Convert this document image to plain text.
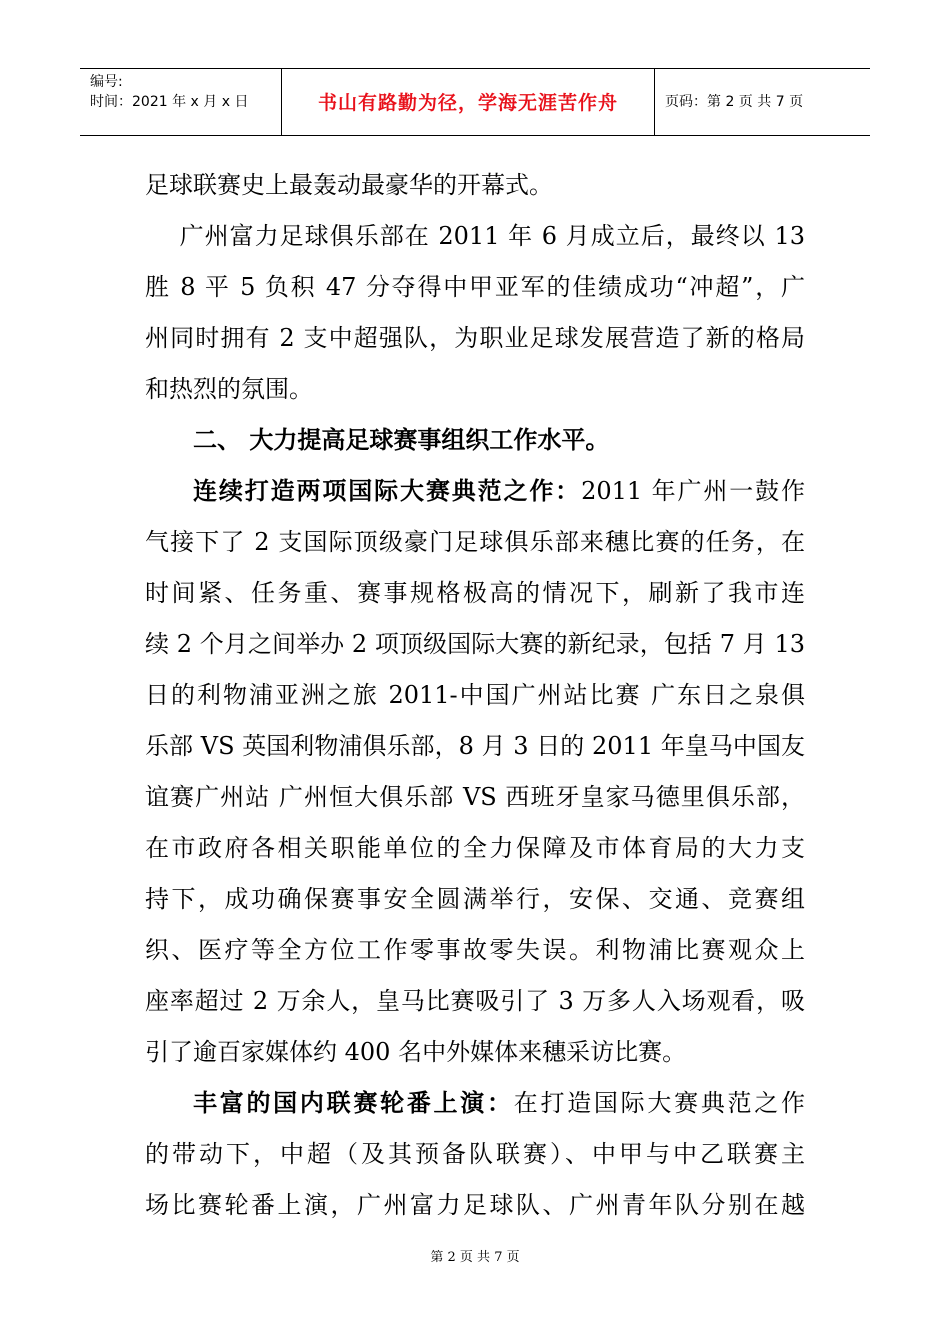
编号:
时间：2021 年 x 月 x 日	书山有路勤为径，学海无涯苦作舟	页码：第 2 页 共 7 页
足球联赛史上最轰动最豪华的开幕式。
广州富力足球俱乐部在 2011 年 6 月成立后，最终以 13
胜 8 平 5 负积 47 分夺得中甲亚军的佳绩成功“冲超”，广
州同时拥有 2 支中超强队，为职业足球发展营造了新的格局
和热烈的氛围。
二、 大力提高足球赛事组织工作水平。
连续打造两项国际大赛典范之作：2011 年广州一鼓作
气接下了 2 支国际顶级豪门足球俱乐部来穗比赛的任务，在
时间紧、任务重、赛事规格极高的情况下，刷新了我市连
续 2 个月之间举办 2 项顶级国际大赛的新纪录，包括 7 月 13
日的利物浦亚洲之旅 2011-中国广州站比赛 广东日之泉俱
乐部 VS 英国利物浦俱乐部，8 月 3 日的 2011 年皇马中国友
谊赛广州站 广州恒大俱乐部 VS 西班牙皇家马德里俱乐部，
在市政府各相关职能单位的全力保障及市体育局的大力支
持下，成功确保赛事安全圆满举行，安保、交通、竞赛组
织、医疗等全方位工作零事故零失误。利物浦比赛观众上
座率超过 2 万余人，皇马比赛吸引了 3 万多人入场观看，吸
引了逾百家媒体约 400 名中外媒体来穗采访比赛。
丰富的国内联赛轮番上演：在打造国际大赛典范之作
的带动下，中超（及其预备队联赛）、中甲与中乙联赛主
场比赛轮番上演，广州富力足球队、广州青年队分别在越
第 2 页 共 7 页
